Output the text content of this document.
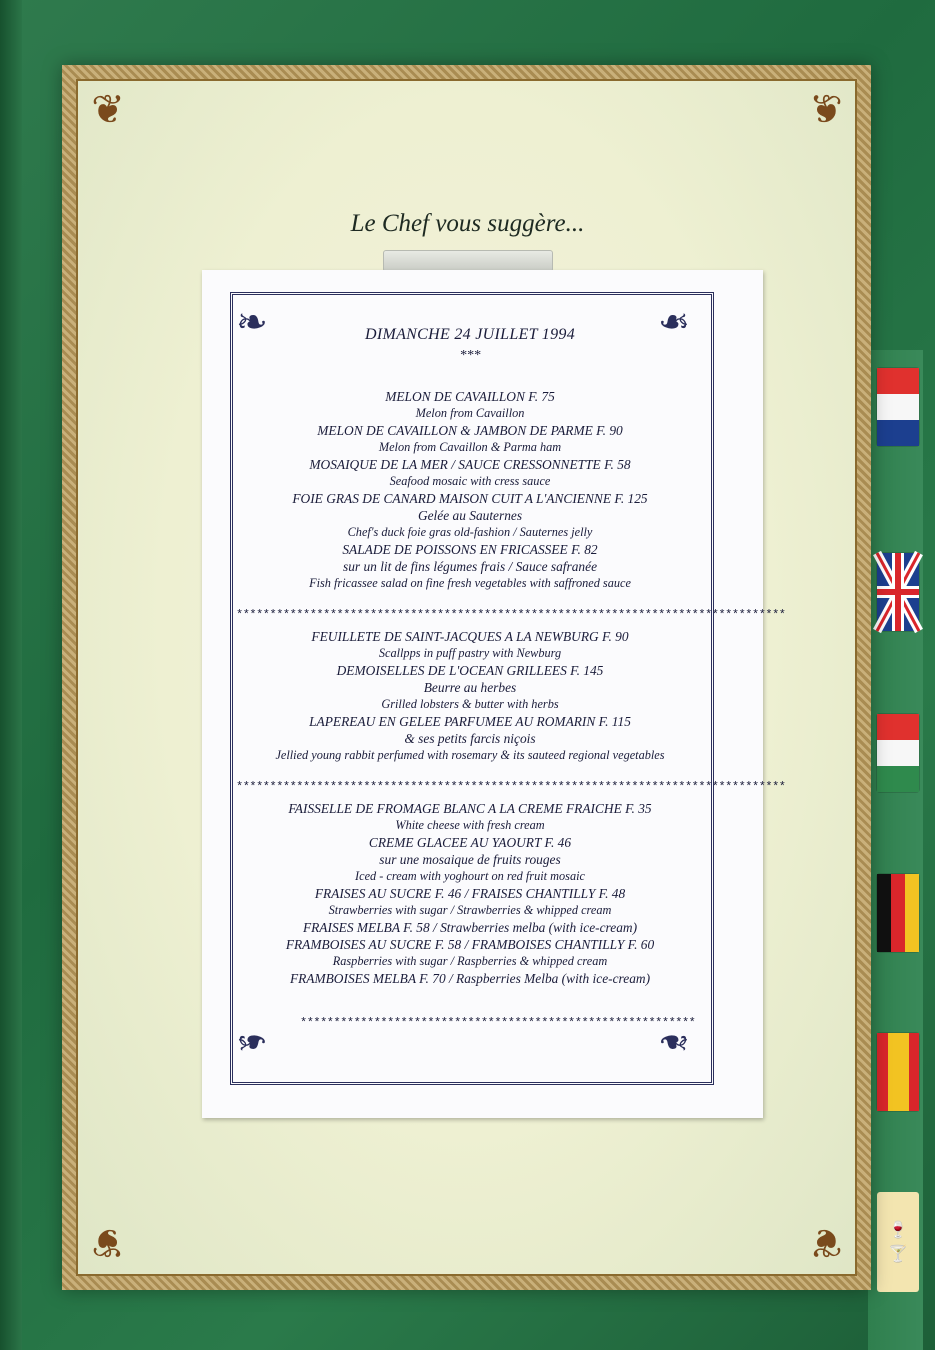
🍷
🍸
❦	❦
❦	❦
Le Chef vous suggère...
❧	❧
❧	❧
DIMANCHE 24 JUILLET 1994
***
MELON DE CAVAILLON F. 75
Melon from Cavaillon
MELON DE CAVAILLON & JAMBON DE PARME F. 90
Melon from Cavaillon & Parma ham
MOSAIQUE DE LA MER / SAUCE CRESSONNETTE F. 58
Seafood mosaic with cress sauce
FOIE GRAS DE CANARD MAISON CUIT A L'ANCIENNE F. 125
Gelée au Sauternes
Chef's duck foie gras old-fashion / Sauternes jelly
SALADE DE POISSONS EN FRICASSEE F. 82
sur un lit de fins légumes frais / Sauce safranée
Fish fricassee salad on fine fresh vegetables with saffroned sauce
**********************************************************************************
FEUILLETE DE SAINT-JACQUES A LA NEWBURG F. 90
Scallpps in puff pastry with Newburg
DEMOISELLES DE L'OCEAN GRILLEES F. 145
Beurre au herbes
Grilled lobsters & butter with herbs
LAPEREAU EN GELEE PARFUMEE AU ROMARIN F. 115
& ses petits farcis niçois
Jellied young rabbit perfumed with rosemary & its sauteed regional vegetables
**********************************************************************************
FAISSELLE DE FROMAGE BLANC A LA CREME FRAICHE F. 35
White cheese with fresh cream
CREME GLACEE AU YAOURT F. 46
sur une mosaique de fruits rouges
Iced - cream with yoghourt on red fruit mosaic
FRAISES AU SUCRE F. 46 / FRAISES CHANTILLY F. 48
Strawberries with sugar / Strawberries & whipped cream
FRAISES MELBA F. 58 / Strawberries melba (with ice-cream)
FRAMBOISES AU SUCRE F. 58 / FRAMBOISES CHANTILLY F. 60
Raspberries with sugar / Raspberries & whipped cream
FRAMBOISES MELBA F. 70 / Raspberries Melba (with ice-cream)
***********************************************************
